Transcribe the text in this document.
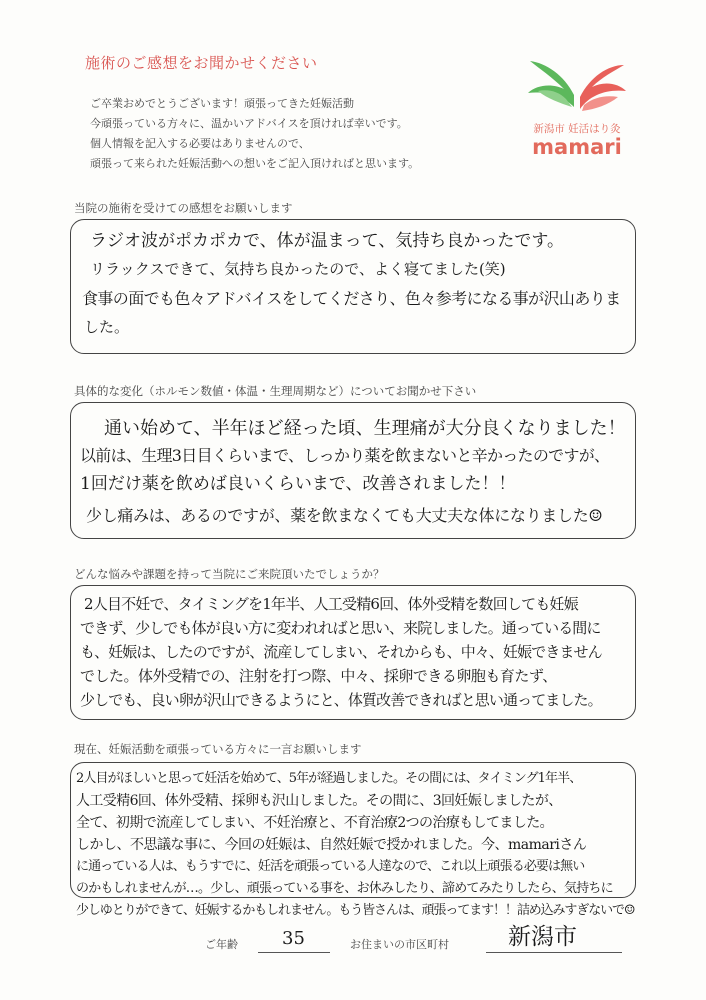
施術のご感想をお聞かせください
ご卒業おめでとうございます！頑張ってきた妊娠活動
今頑張っている方々に、温かいアドバイスを頂ければ幸いです。
個人情報を記入する必要はありませんので、
頑張って来られた妊娠活動への想いをご記入頂ければと思います。
新潟市 妊活はり灸
mamari
当院の施術を受けての感想をお願いします
ラジオ波がポカポカで、体が温まって、気持ち良かったです。
リラックスできて、気持ち良かったので、よく寝てました(笑)
食事の面でも色々アドバイスをしてくださり、色々参考になる事が沢山ありま
した。
具体的な変化（ホルモン数値・体温・生理周期など）についてお聞かせ下さい
通い始めて、半年ほど経った頃、生理痛が大分良くなりました！
以前は、生理3日目くらいまで、しっかり薬を飲まないと辛かったのですが、
1回だけ薬を飲めば良いくらいまで、改善されました！！
少し痛みは、あるのですが、薬を飲まなくても大丈夫な体になりました☺
どんな悩みや課題を持って当院にご来院頂いたでしょうか？
2人目不妊で、タイミングを1年半、人工受精6回、体外受精を数回しても妊娠
できず、少しでも体が良い方に変われればと思い、来院しました。通っている間に
も、妊娠は、したのですが、流産してしまい、それからも、中々、妊娠できません
でした。体外受精での、注射を打つ際、中々、採卵できる卵胞も育たず、
少しでも、良い卵が沢山できるようにと、体質改善できればと思い通ってました。
現在、妊娠活動を頑張っている方々に一言お願いします
2人目がほしいと思って妊活を始めて、5年が経過しました。その間には、タイミング1年半、
人工受精6回、体外受精、採卵も沢山しました。その間に、3回妊娠しましたが、
全て、初期で流産してしまい、不妊治療と、不育治療2つの治療もしてました。
しかし、不思議な事に、今回の妊娠は、自然妊娠で授かれました。今、mamariさん
に通っている人は、もうすでに、妊活を頑張っている人達なので、これ以上頑張る必要は無い
のかもしれませんが…。少し、頑張っている事を、お休みしたり、諦めてみたりしたら、気持ちに
少しゆとりができて、妊娠するかもしれません。もう皆さんは、頑張ってます！！詰め込みすぎないで☺
ご年齢 35	お住まいの市区町村	新潟市
